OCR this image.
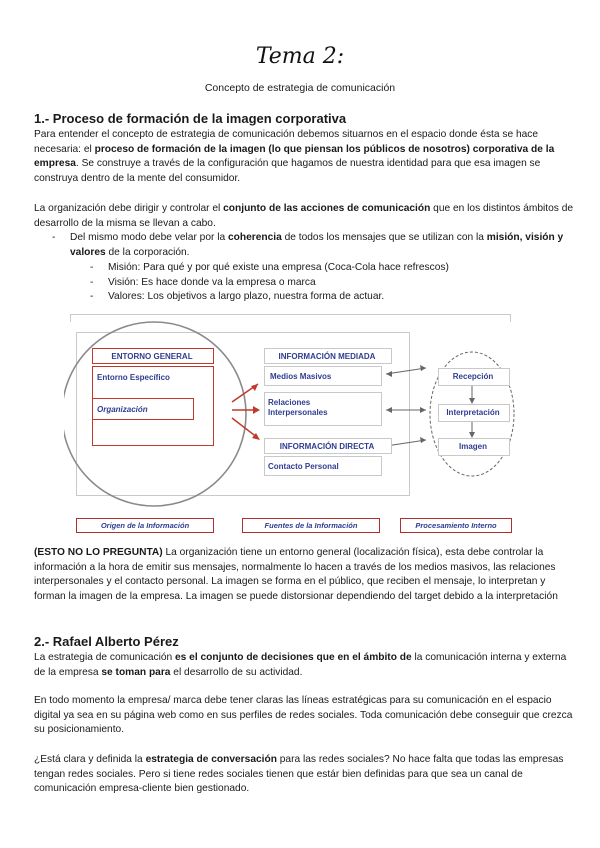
Tema 2:
Concepto de estrategia de comunicación
1.- Proceso de formación de la imagen corporativa
Para entender el concepto de estrategia de comunicación debemos situarnos en el espacio donde ésta se hace necesaria: el proceso de formación de la imagen (lo que piensan los públicos de nosotros) corporativa de la empresa. Se construye a través de la configuración que hagamos de nuestra identidad para que esa imagen se construya dentro de la mente del consumidor.
La organización debe dirigir y controlar el conjunto de las acciones de comunicación que en los distintos ámbitos de desarrollo de la misma se llevan a cabo.
- Del mismo modo debe velar por la coherencia de todos los mensajes que se utilizan con la misión, visión y valores de la corporación.
- Misión: Para qué y por qué existe una empresa (Coca-Cola hace refrescos)
- Visión: Es hace donde va la empresa o marca
- Valores: Los objetivos a largo plazo, nuestra forma de actuar.
ENTORNO GENERAL
Entorno Específico
Organización
INFORMACIÓN MEDIADA
Medios Masivos
Relaciones Interpersonales
INFORMACIÓN DIRECTA
Contacto Personal
Recepción
Interpretación
Imagen
Origen de la Información	Fuentes de la Información	Procesamiento Interno
(ESTO NO LO PREGUNTA) La organización tiene un entorno general (localización física), esta debe controlar la información a la hora de emitir sus mensajes, normalmente lo hacen a través de los medios masivos, las relaciones interpersonales y el contacto personal. La imagen se forma en el público, que reciben el mensaje, lo interpretan y forman la imagen de la empresa. La imagen se puede distorsionar dependiendo del target debido a la interpretación
2.- Rafael Alberto Pérez
La estrategia de comunicación es el conjunto de decisiones que en el ámbito de la comunicación interna y externa de la empresa se toman para el desarrollo de su actividad.
En todo momento la empresa/ marca debe tener claras las líneas estratégicas para su comunicación en el espacio digital ya sea en su página web como en sus perfiles de redes sociales. Toda comunicación debe conseguir que crezca su posicionamiento.
¿Está clara y definida la estrategia de conversación para las redes sociales? No hace falta que todas las empresas tengan redes sociales. Pero si tiene redes sociales tienen que estár bien definidas para que sea un canal de comunicación empresa-cliente bien gestionado.
